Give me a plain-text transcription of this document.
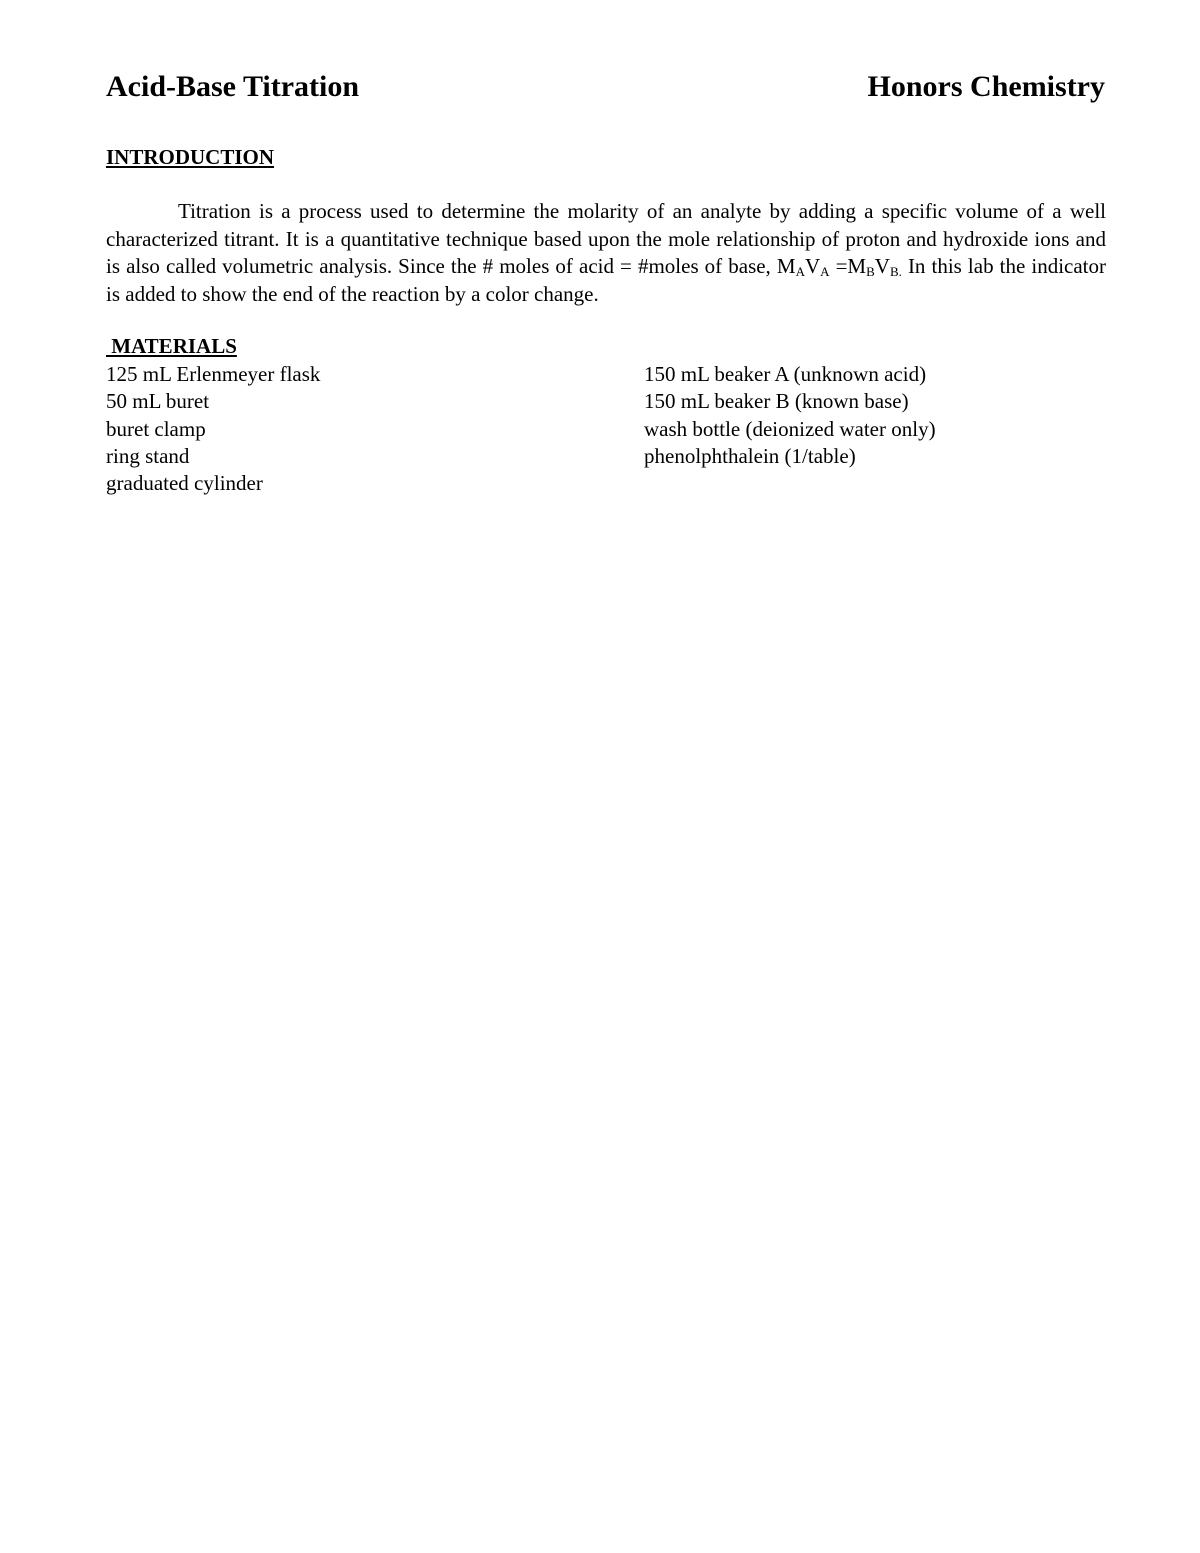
Acid-Base Titration	Honors Chemistry
INTRODUCTION

Titration is a process used to determine the molarity of an analyte by adding a specific volume of a well characterized titrant. It is a quantitative technique based upon the mole relationship of proton and hydroxide ions and is also called volumetric analysis. Since the # moles of acid = #moles of base, $M_AV_A =M_BV_{B.}$ In this lab the indicator is added to show the end of the reaction by a color change.

MATERIALS
125 mL Erlenmeyer flask
50 mL buret
buret clamp
ring stand
graduated cylinder
150 mL beaker A (unknown acid)
150 mL beaker B (known base)
wash bottle (deionized water only)
phenolphthalein (1/table)
